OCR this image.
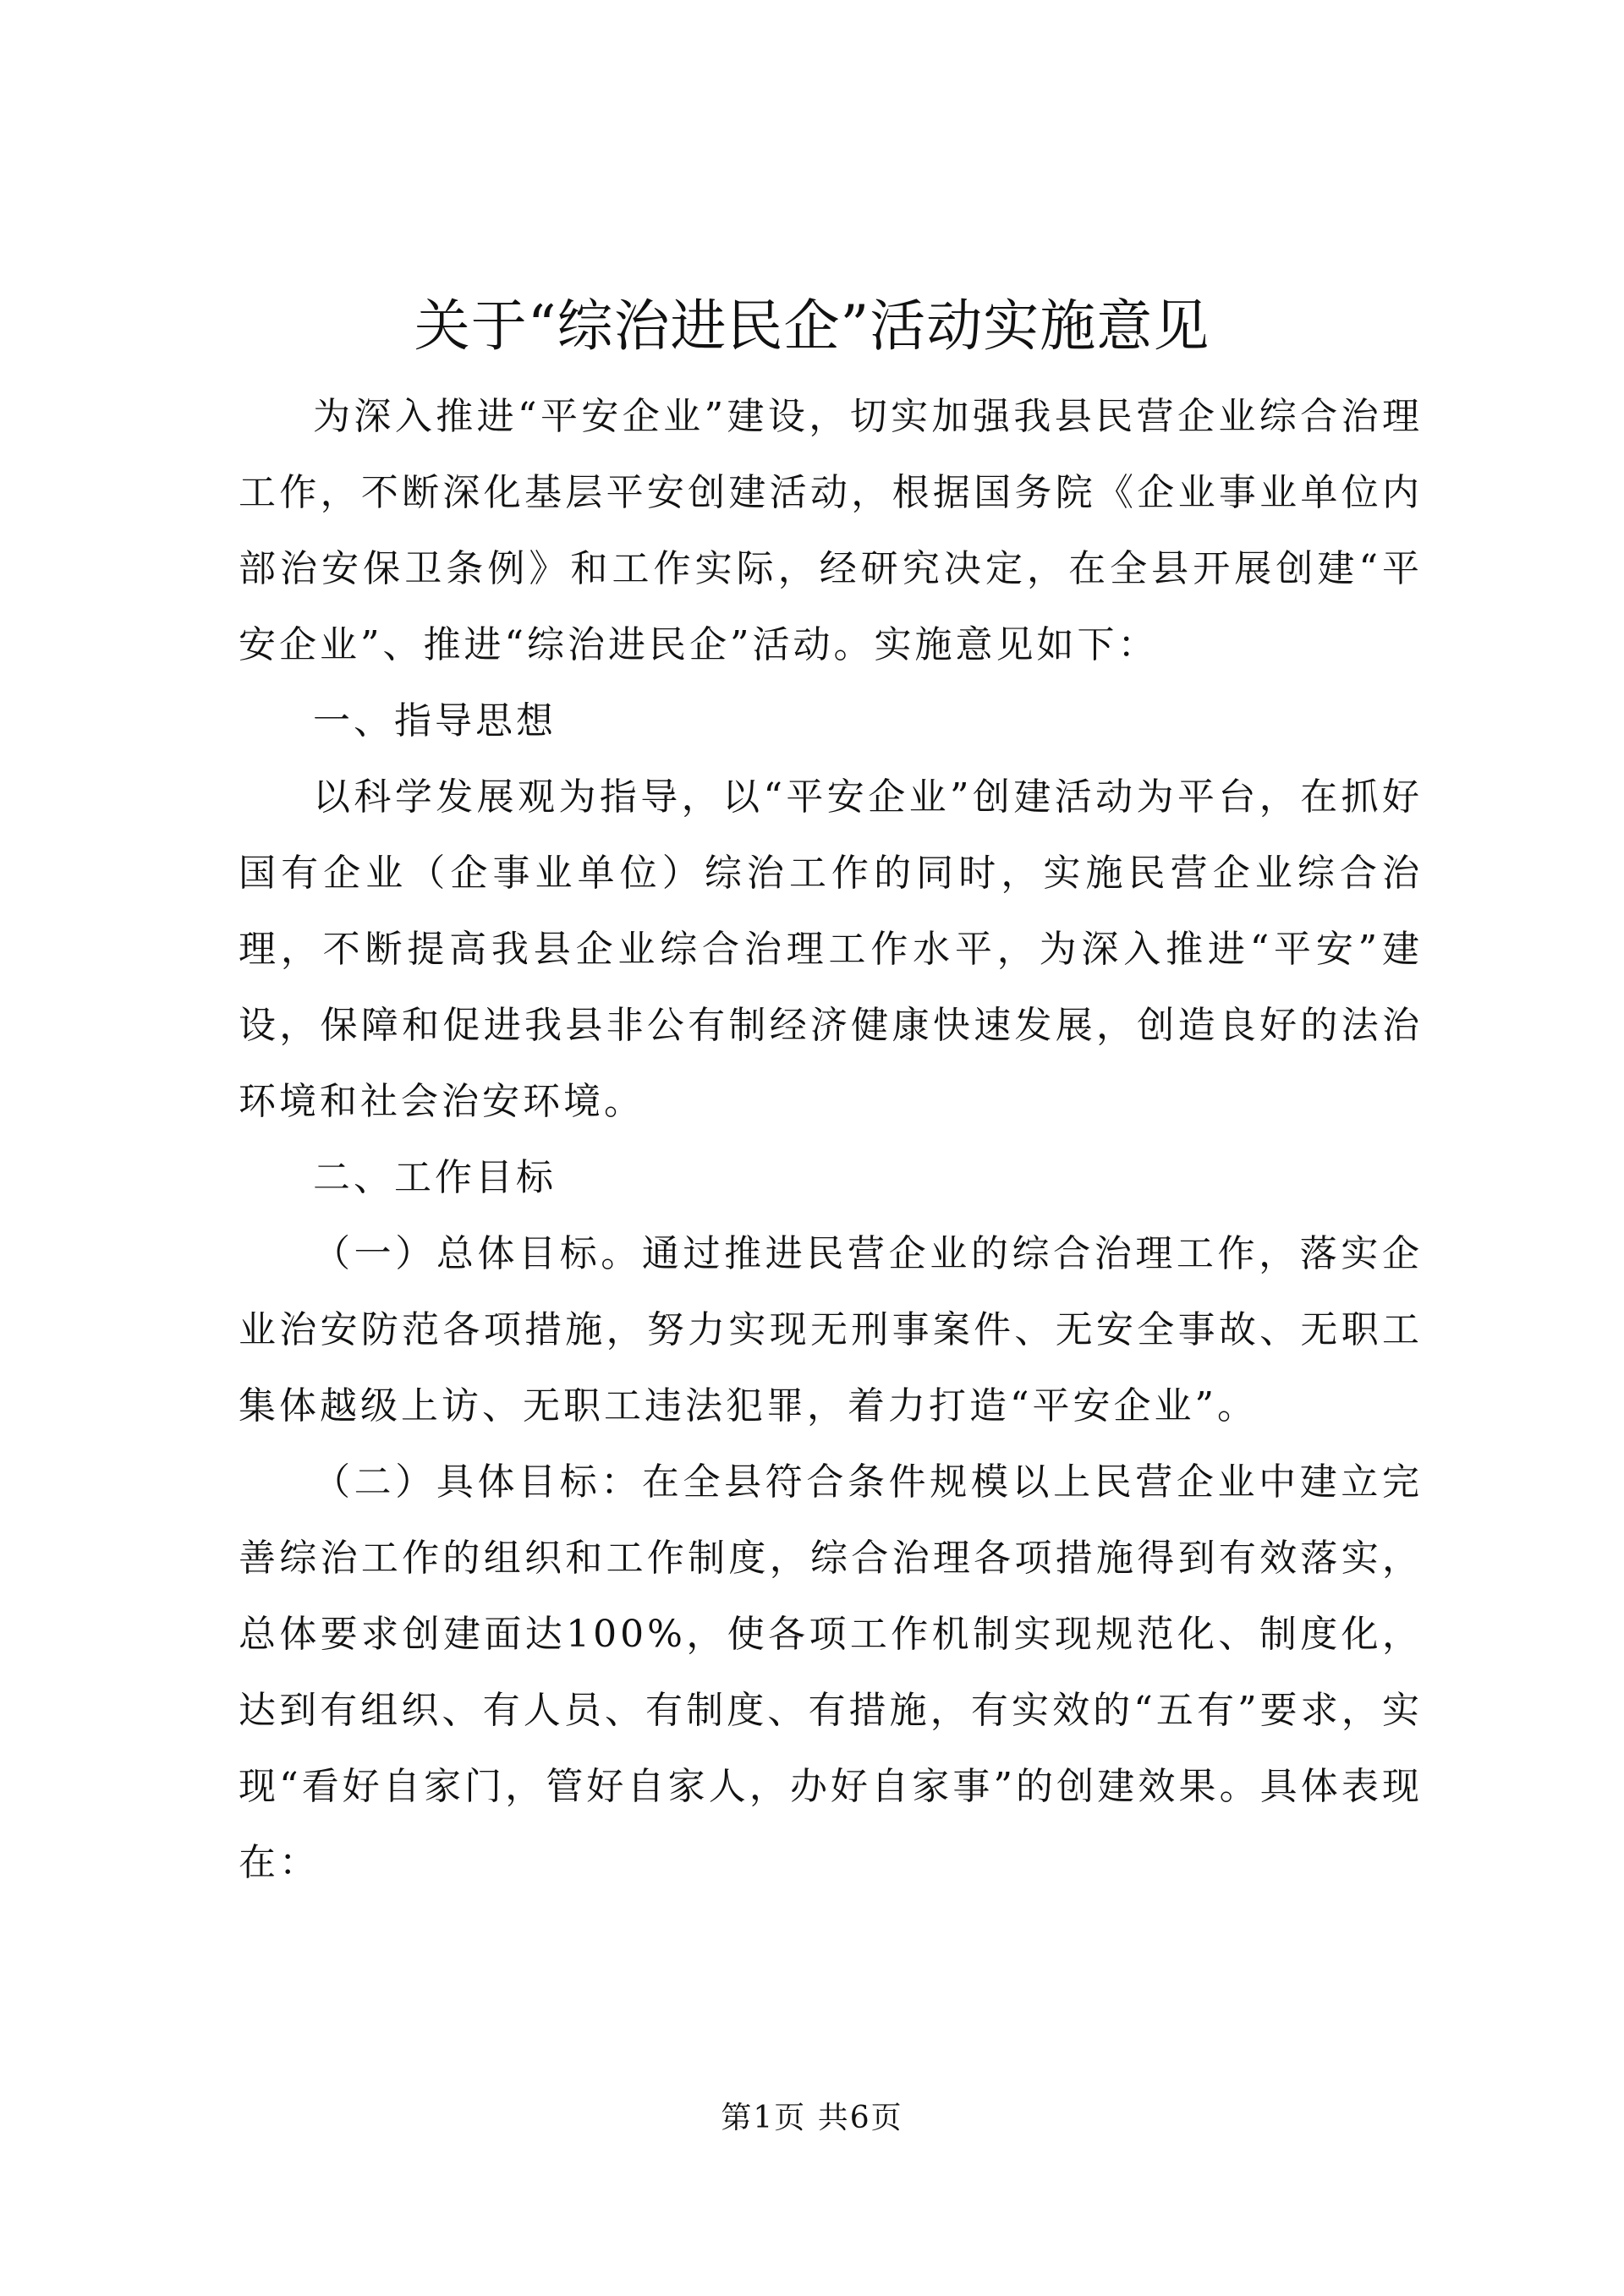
关于“综治进民企”活动实施意见

为深入推进“平安企业”建设，切实加强我县民营企业综合治理工作，不断深化基层平安创建活动，根据国务院《企业事业单位内部治安保卫条例》和工作实际，经研究决定，在全县开展创建“平安企业”、推进“综治进民企”活动。实施意见如下：

一、指导思想

以科学发展观为指导，以“平安企业”创建活动为平台，在抓好国有企业（企事业单位）综治工作的同时，实施民营企业综合治理，不断提高我县企业综合治理工作水平，为深入推进“平安”建设，保障和促进我县非公有制经济健康快速发展，创造良好的法治环境和社会治安环境。

二、工作目标

（一）总体目标。通过推进民营企业的综合治理工作，落实企业治安防范各项措施，努力实现无刑事案件、无安全事故、无职工集体越级上访、无职工违法犯罪，着力打造“平安企业”。

（二）具体目标：在全县符合条件规模以上民营企业中建立完善综治工作的组织和工作制度，综合治理各项措施得到有效落实，总体要求创建面达100%，使各项工作机制实现规范化、制度化，达到有组织、有人员、有制度、有措施，有实效的“五有”要求，实现“看好自家门，管好自家人，办好自家事”的创建效果。具体表现在：

第1页 共6页
